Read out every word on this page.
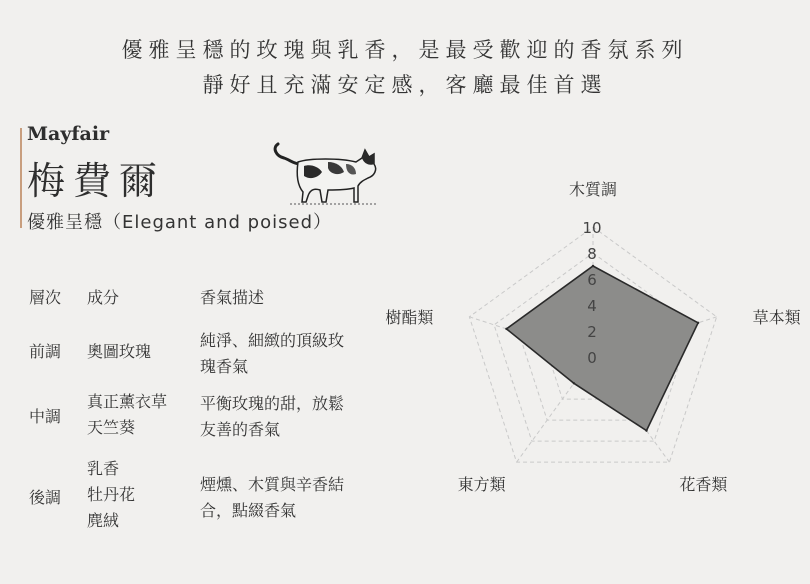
優雅呈穩的玫瑰與乳香，是最受歡迎的香氛系列
靜好且充滿安定感，客廳最佳首選
Mayfair
梅費爾
優雅呈穩（Elegant and poised）
層次 成分	香氣描述
前調 奧圖玫瑰
純淨、細緻的頂級玫
瑰香氣
中調
真正薰衣草
天竺葵
平衡玫瑰的甜，放鬆
友善的香氣
後調
乳香
牡丹花
麂絨
煙燻、木質與辛香結
合，點綴香氣
0
2
4
6
8
10
木質調
草本類
花香類
東方類
樹酯類
